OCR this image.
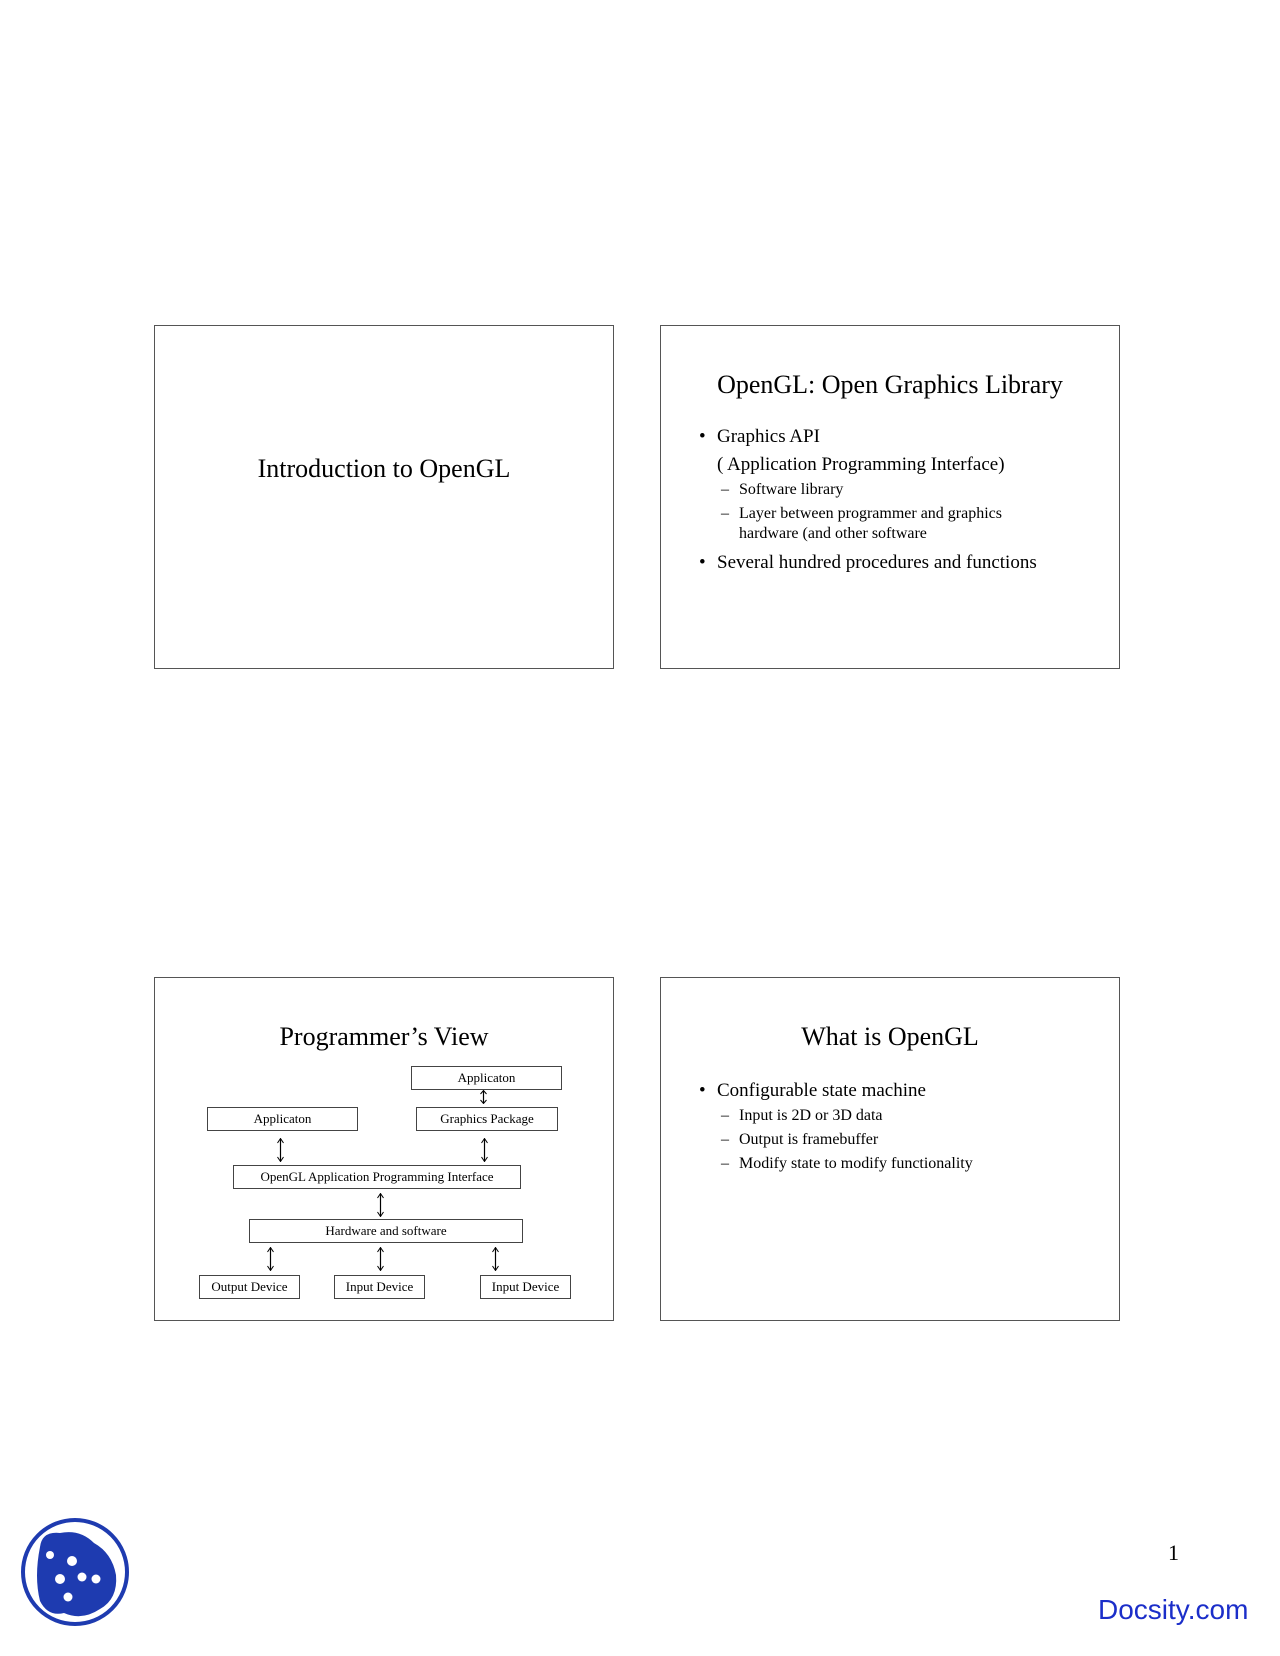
Introduction to OpenGL
OpenGL: Open Graphics Library
• Graphics API
( Application Programming Interface)
– Software library
– Layer between programmer and graphics hardware (and other software
• Several hundred procedures and functions
Programmer’s View
Applicaton
Applicaton	Graphics Package
OpenGL Application Programming Interface
Hardware and software
Output Device	Input Device	Input Device
What is OpenGL
• Configurable state machine
– Input is 2D or 3D data
– Output is framebuffer
– Modify state to modify functionality
1
Docsity.com
